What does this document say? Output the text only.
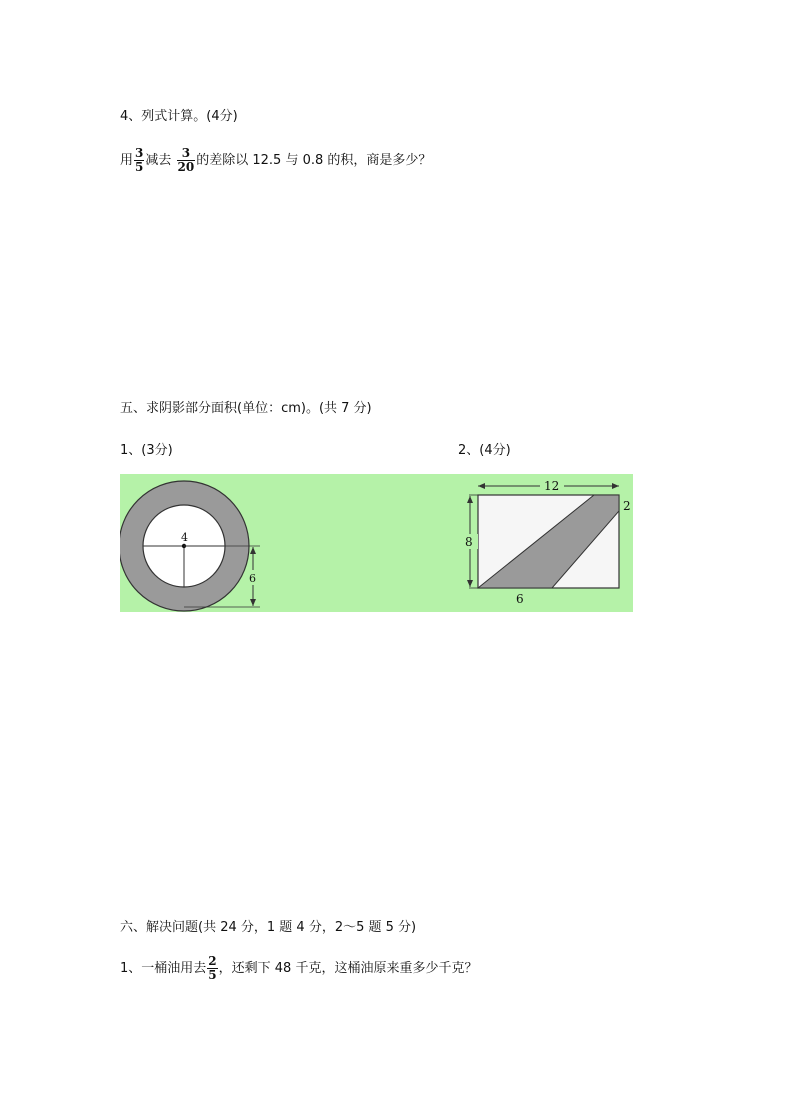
4、列式计算。(4分)
用 $\frac{3}{5}$ 减去 $\frac{3}{20}$ 的差除以 12.5 与 0.8 的积，商是多少？
五、求阴影部分面积(单位：cm)。(共 7 分)
1、(3分)	2、(4分)
4
6
12
2
8
6
六、解决问题(共 24 分，1 题 4 分，2～5 题 5 分)
1、一桶油用去 $\frac{2}{5}$ ，还剩下 48 千克，这桶油原来重多少千克？
